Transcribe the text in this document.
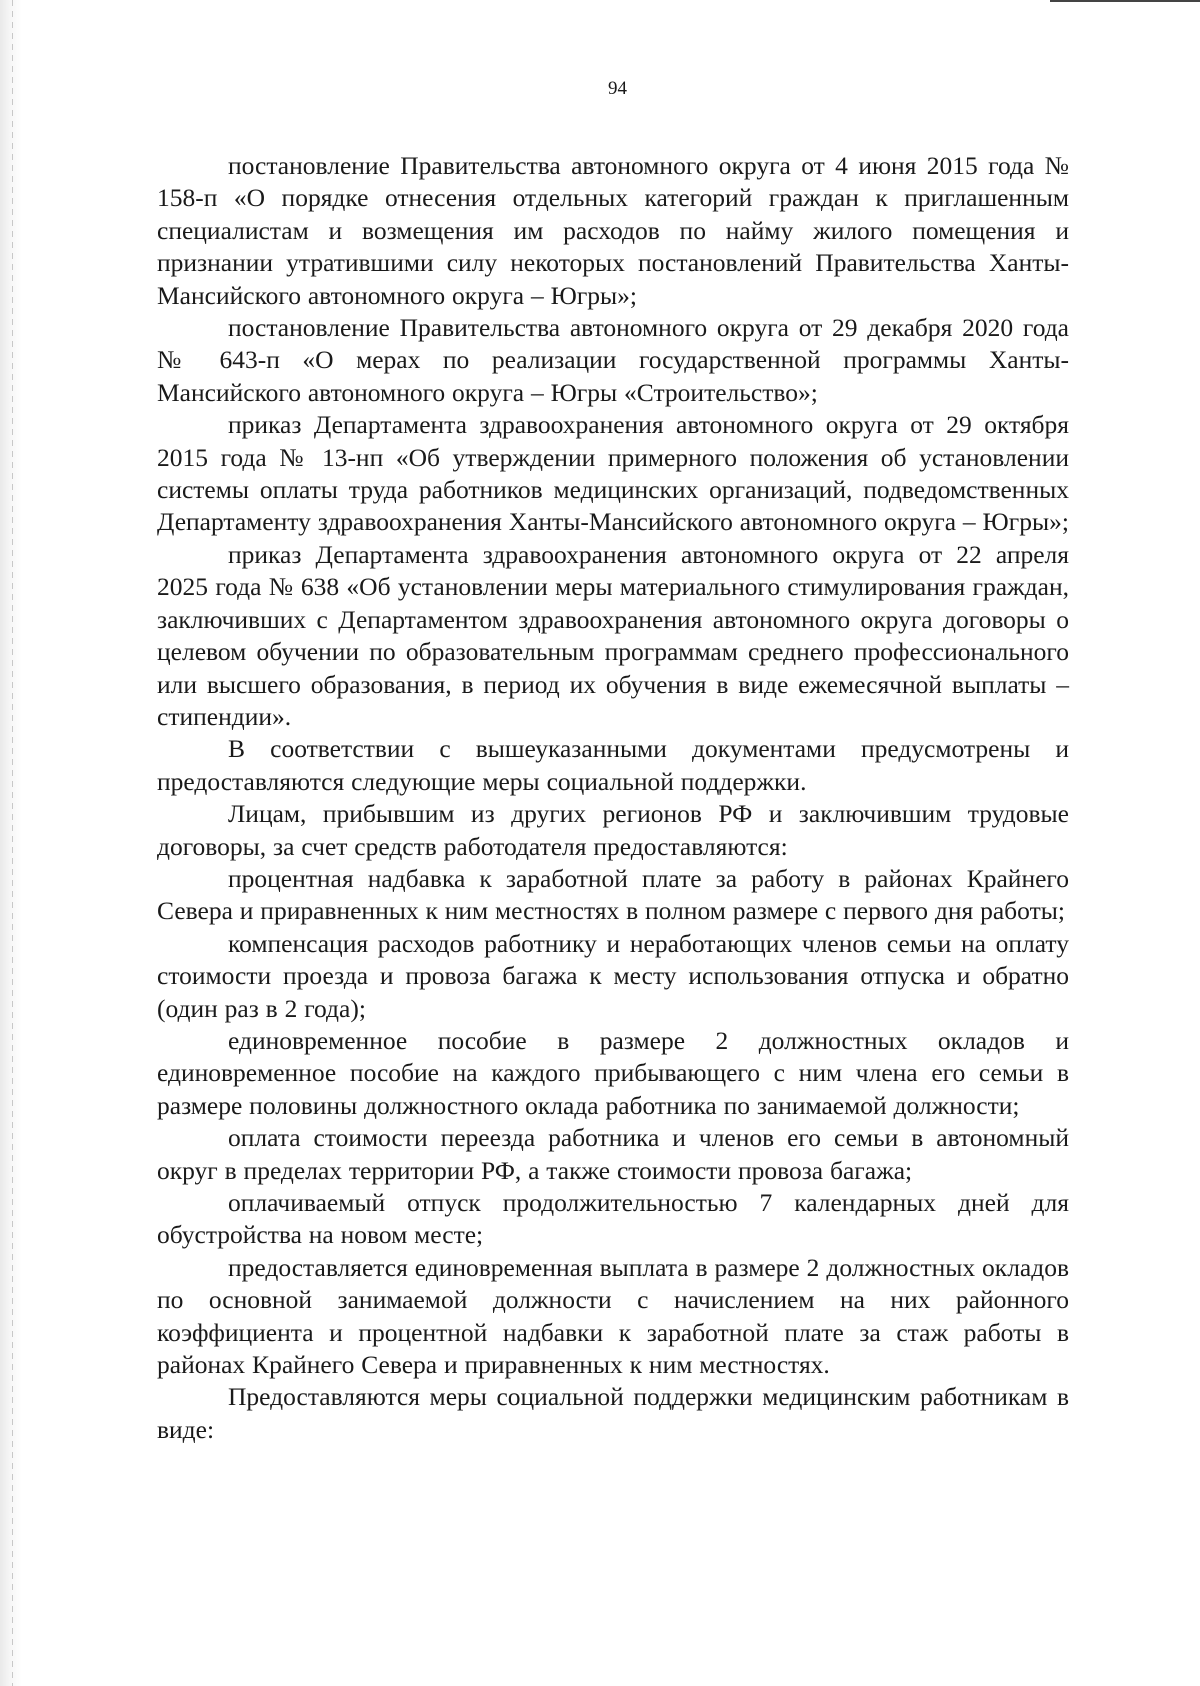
94

постановление Правительства автономного округа от 4 июня 2015 года № 158-п «О порядке отнесения отдельных категорий граждан к приглашенным специалистам и возмещения им расходов по найму жилого помещения и признании утратившими силу некоторых постановлений Правительства Ханты-Мансийского автономного округа – Югры»;

постановление Правительства автономного округа от 29 декабря 2020 года № 643-п «О мерах по реализации государственной программы Ханты-Мансийского автономного округа – Югры «Строительство»;

приказ Департамента здравоохранения автономного округа от 29 октября 2015 года № 13-нп «Об утверждении примерного положения об установлении системы оплаты труда работников медицинских организаций, подведомственных Департаменту здравоохранения Ханты-Мансийского автономного округа – Югры»;

приказ Департамента здравоохранения автономного округа от 22 апреля 2025 года № 638 «Об установлении меры материального стимулирования граждан, заключивших с Департаментом здравоохранения автономного округа договоры о целевом обучении по образовательным программам среднего профессионального или высшего образования, в период их обучения в виде ежемесячной выплаты – стипендии».

В соответствии с вышеуказанными документами предусмотрены и предоставляются следующие меры социальной поддержки.

Лицам, прибывшим из других регионов РФ и заключившим трудовые договоры, за счет средств работодателя предоставляются:

процентная надбавка к заработной плате за работу в районах Крайнего Севера и приравненных к ним местностях в полном размере с первого дня работы;

компенсация расходов работнику и неработающих членов семьи на оплату стоимости проезда и провоза багажа к месту использования отпуска и обратно (один раз в 2 года);

единовременное пособие в размере 2 должностных окладов и единовременное пособие на каждого прибывающего с ним члена его семьи в размере половины должностного оклада работника по занимаемой должности;

оплата стоимости переезда работника и членов его семьи в автономный округ в пределах территории РФ, а также стоимости провоза багажа;

оплачиваемый отпуск продолжительностью 7 календарных дней для обустройства на новом месте;

предоставляется единовременная выплата в размере 2 должностных окладов по основной занимаемой должности с начислением на них районного коэффициента и процентной надбавки к заработной плате за стаж работы в районах Крайнего Севера и приравненных к ним местностях.

Предоставляются меры социальной поддержки медицинским работникам в виде:
